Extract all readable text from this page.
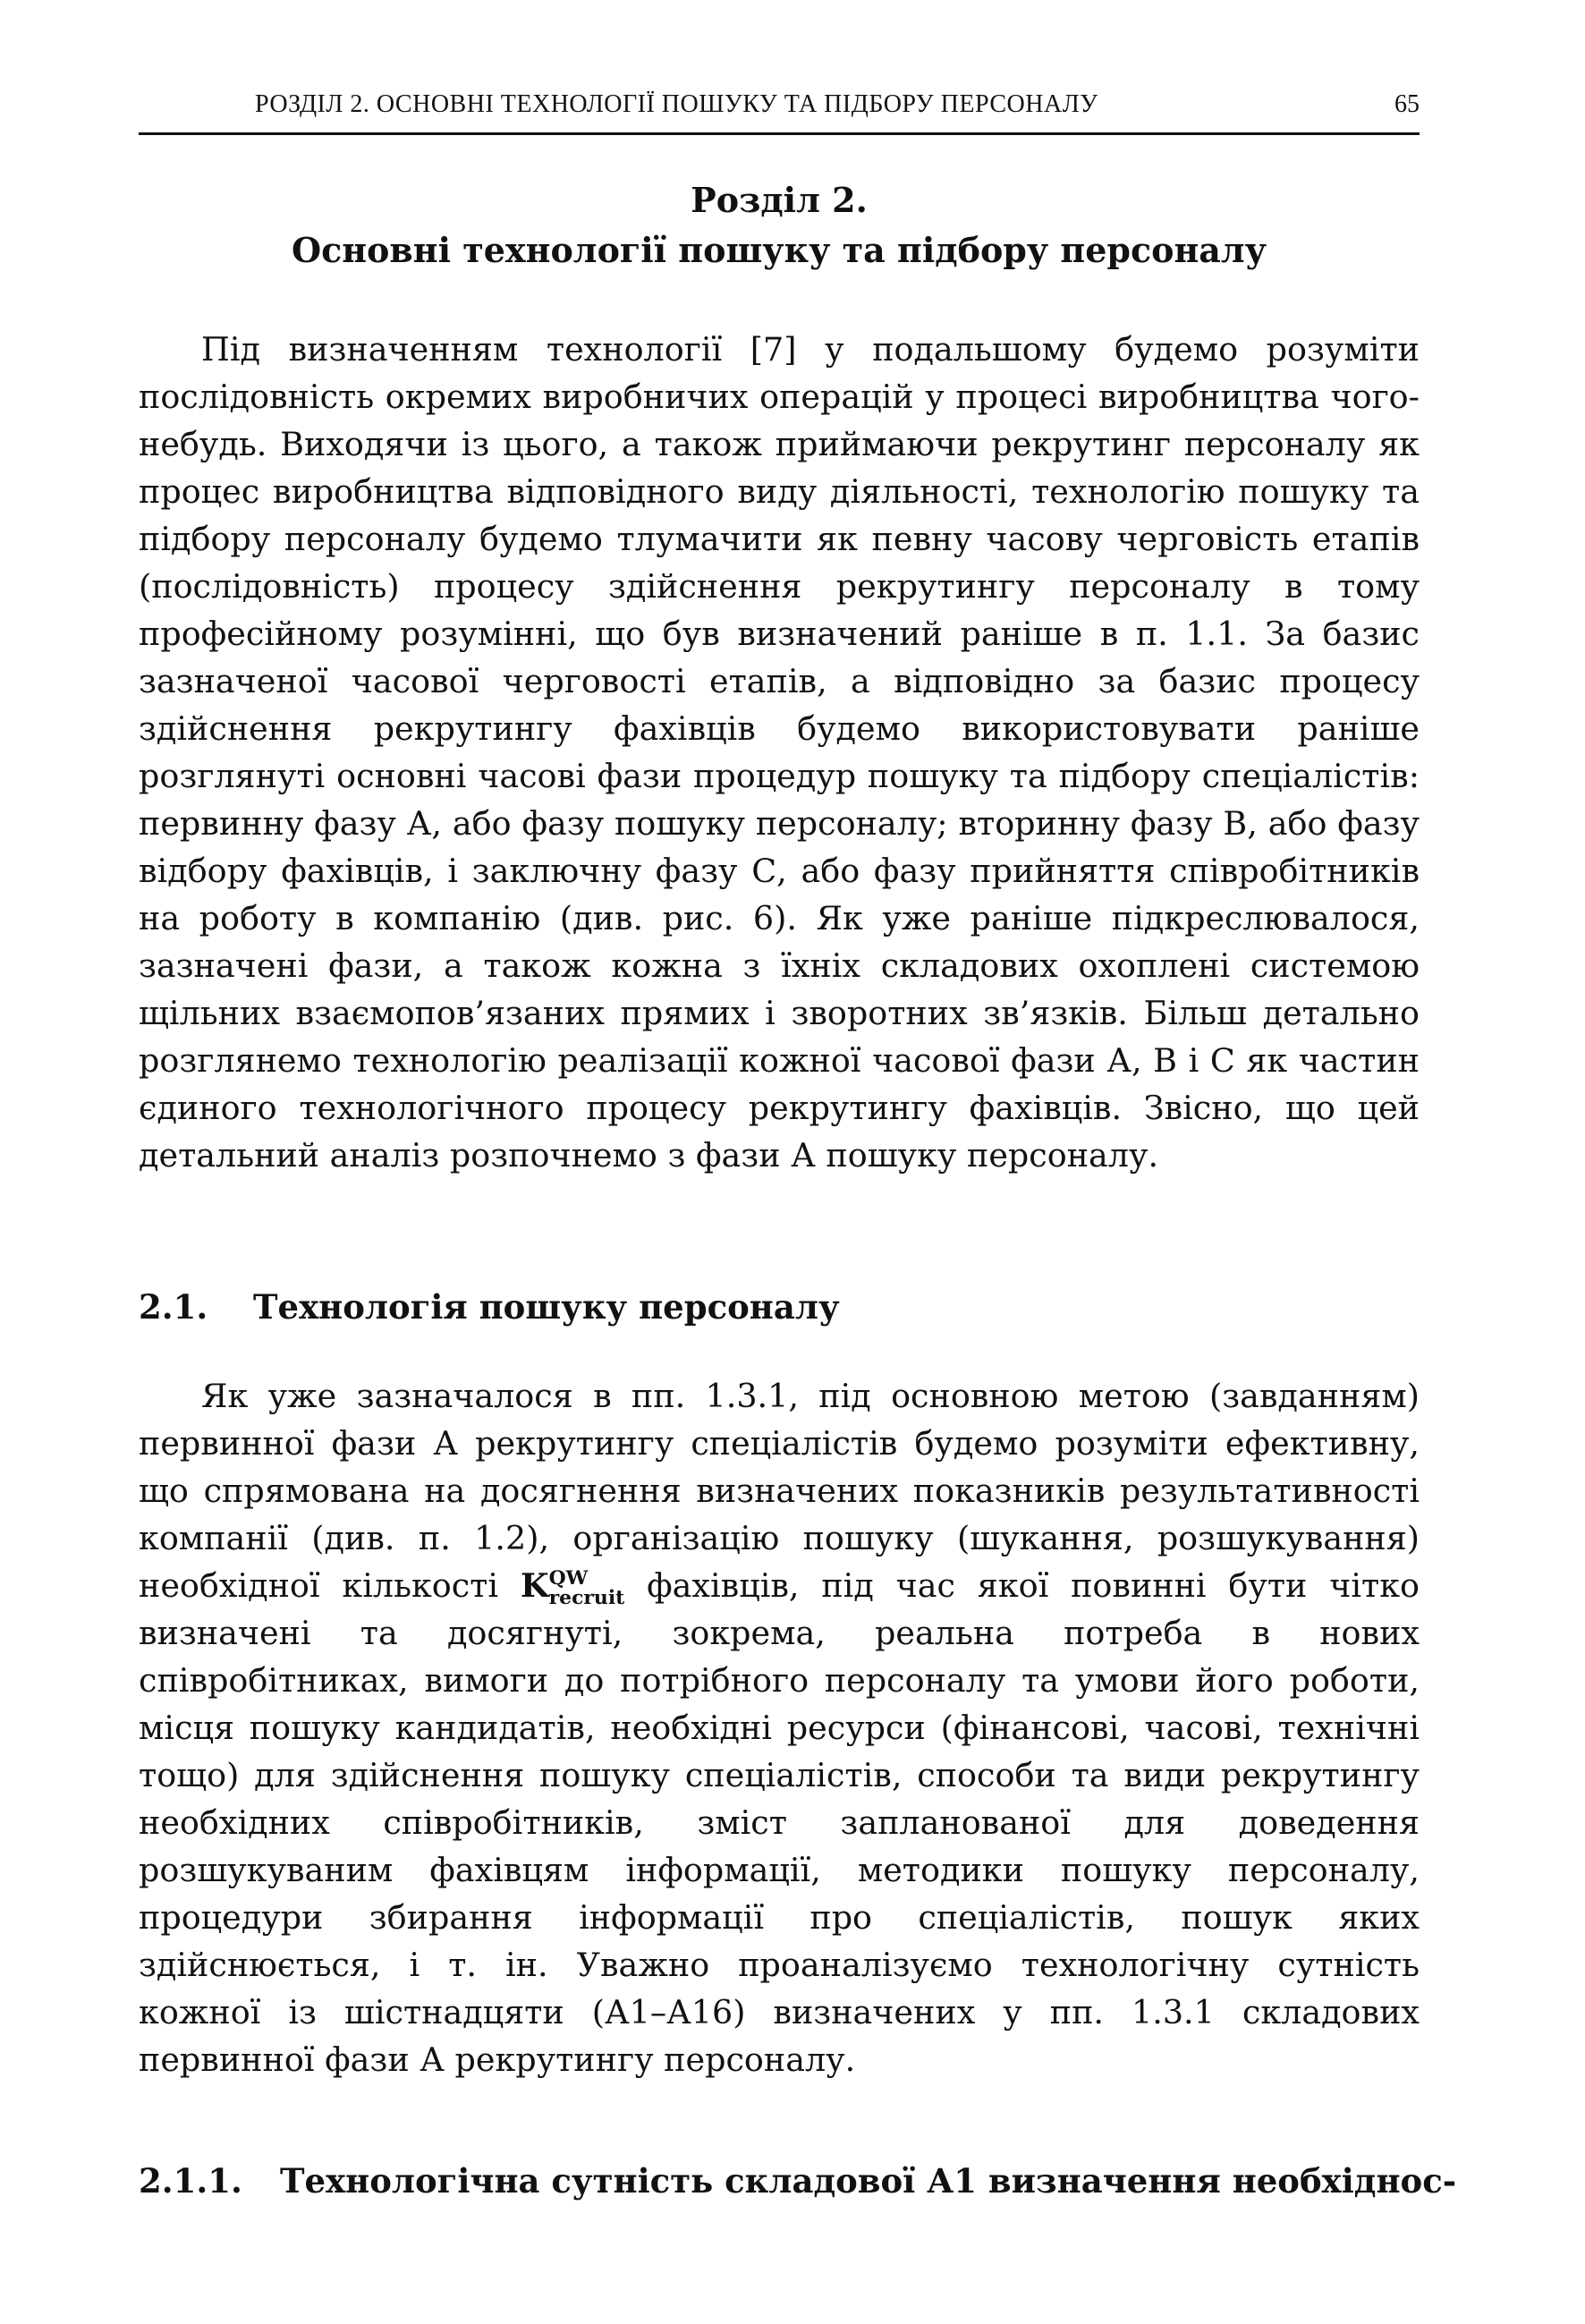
РОЗДІЛ 2. ОСНОВНІ ТЕХНОЛОГІЇ ПОШУКУ ТА ПІДБОРУ ПЕРСОНАЛУ	65
Розділ 2.
Основні технології пошуку та підбору персоналу

Під визначенням технології [7] у подальшому будемо розуміти послідовність окремих виробничих операцій у процесі виробництва чого-небудь. Виходячи із цього, а також приймаючи рекрутинг персоналу як процес виробництва відповідного виду діяльності, технологію пошуку та підбору персоналу будемо тлумачити як певну часову черговість етапів (послідовність) процесу здійснення рекрутингу персоналу в тому професійному розумінні, що був визначений раніше в п. 1.1. За базис зазначеної часової черговості етапів, а відповідно за базис процесу здійснення рекрутингу фахівців будемо використовувати раніше розглянуті основні часові фази процедур пошуку та підбору спеціалістів: первинну фазу А, або фазу пошуку персоналу; вторинну фазу В, або фазу відбору фахівців, і заключну фазу С, або фазу прийняття співробітників на роботу в компанію (див. рис. 6). Як уже раніше підкреслювалося, зазначені фази, а також кожна з їхніх складових охоплені системою щільних взаємопов’язаних прямих і зворотних зв’язків. Більш детально розглянемо технологію реалізації кожної часової фази А, В і С як частин єдиного технологічного процесу рекрутингу фахівців. Звісно, що цей детальний аналіз розпочнемо з фази А пошуку персоналу.

2.1. Технологія пошуку персоналу

Як уже зазначалося в пп. 1.3.1, під основною метою (завданням) первинної фази А рекрутингу спеціалістів будемо розуміти ефективну, що спрямована на досягнення визначених показників результативності компанії (див. п. 1.2), організацію пошуку (шукання, розшукування) необхідної кількості K QW
recruit фахівців, під час якої повинні бути чітко визначені та досягнуті, зокрема, реальна потреба в нових співробітниках, вимоги до потрібного персоналу та умови його роботи, місця пошуку кандидатів, необхідні ресурси (фінансові, часові, технічні тощо) для здійснення пошуку спеціалістів, способи та види рекрутингу необхідних співробітників, зміст запланованої для доведення розшукуваним фахівцям інформації, методики пошуку персоналу, процедури збирання інформації про спеціалістів, пошук яких здійснюється, і т. ін. Уважно проаналізуємо технологічну сутність кожної із шістнадцяти (А1–А16) визначених у пп. 1.3.1 складових первинної фази А рекрутингу персоналу.

2.1.1. Технологічна сутність складової А1 визначення необхіднос-
